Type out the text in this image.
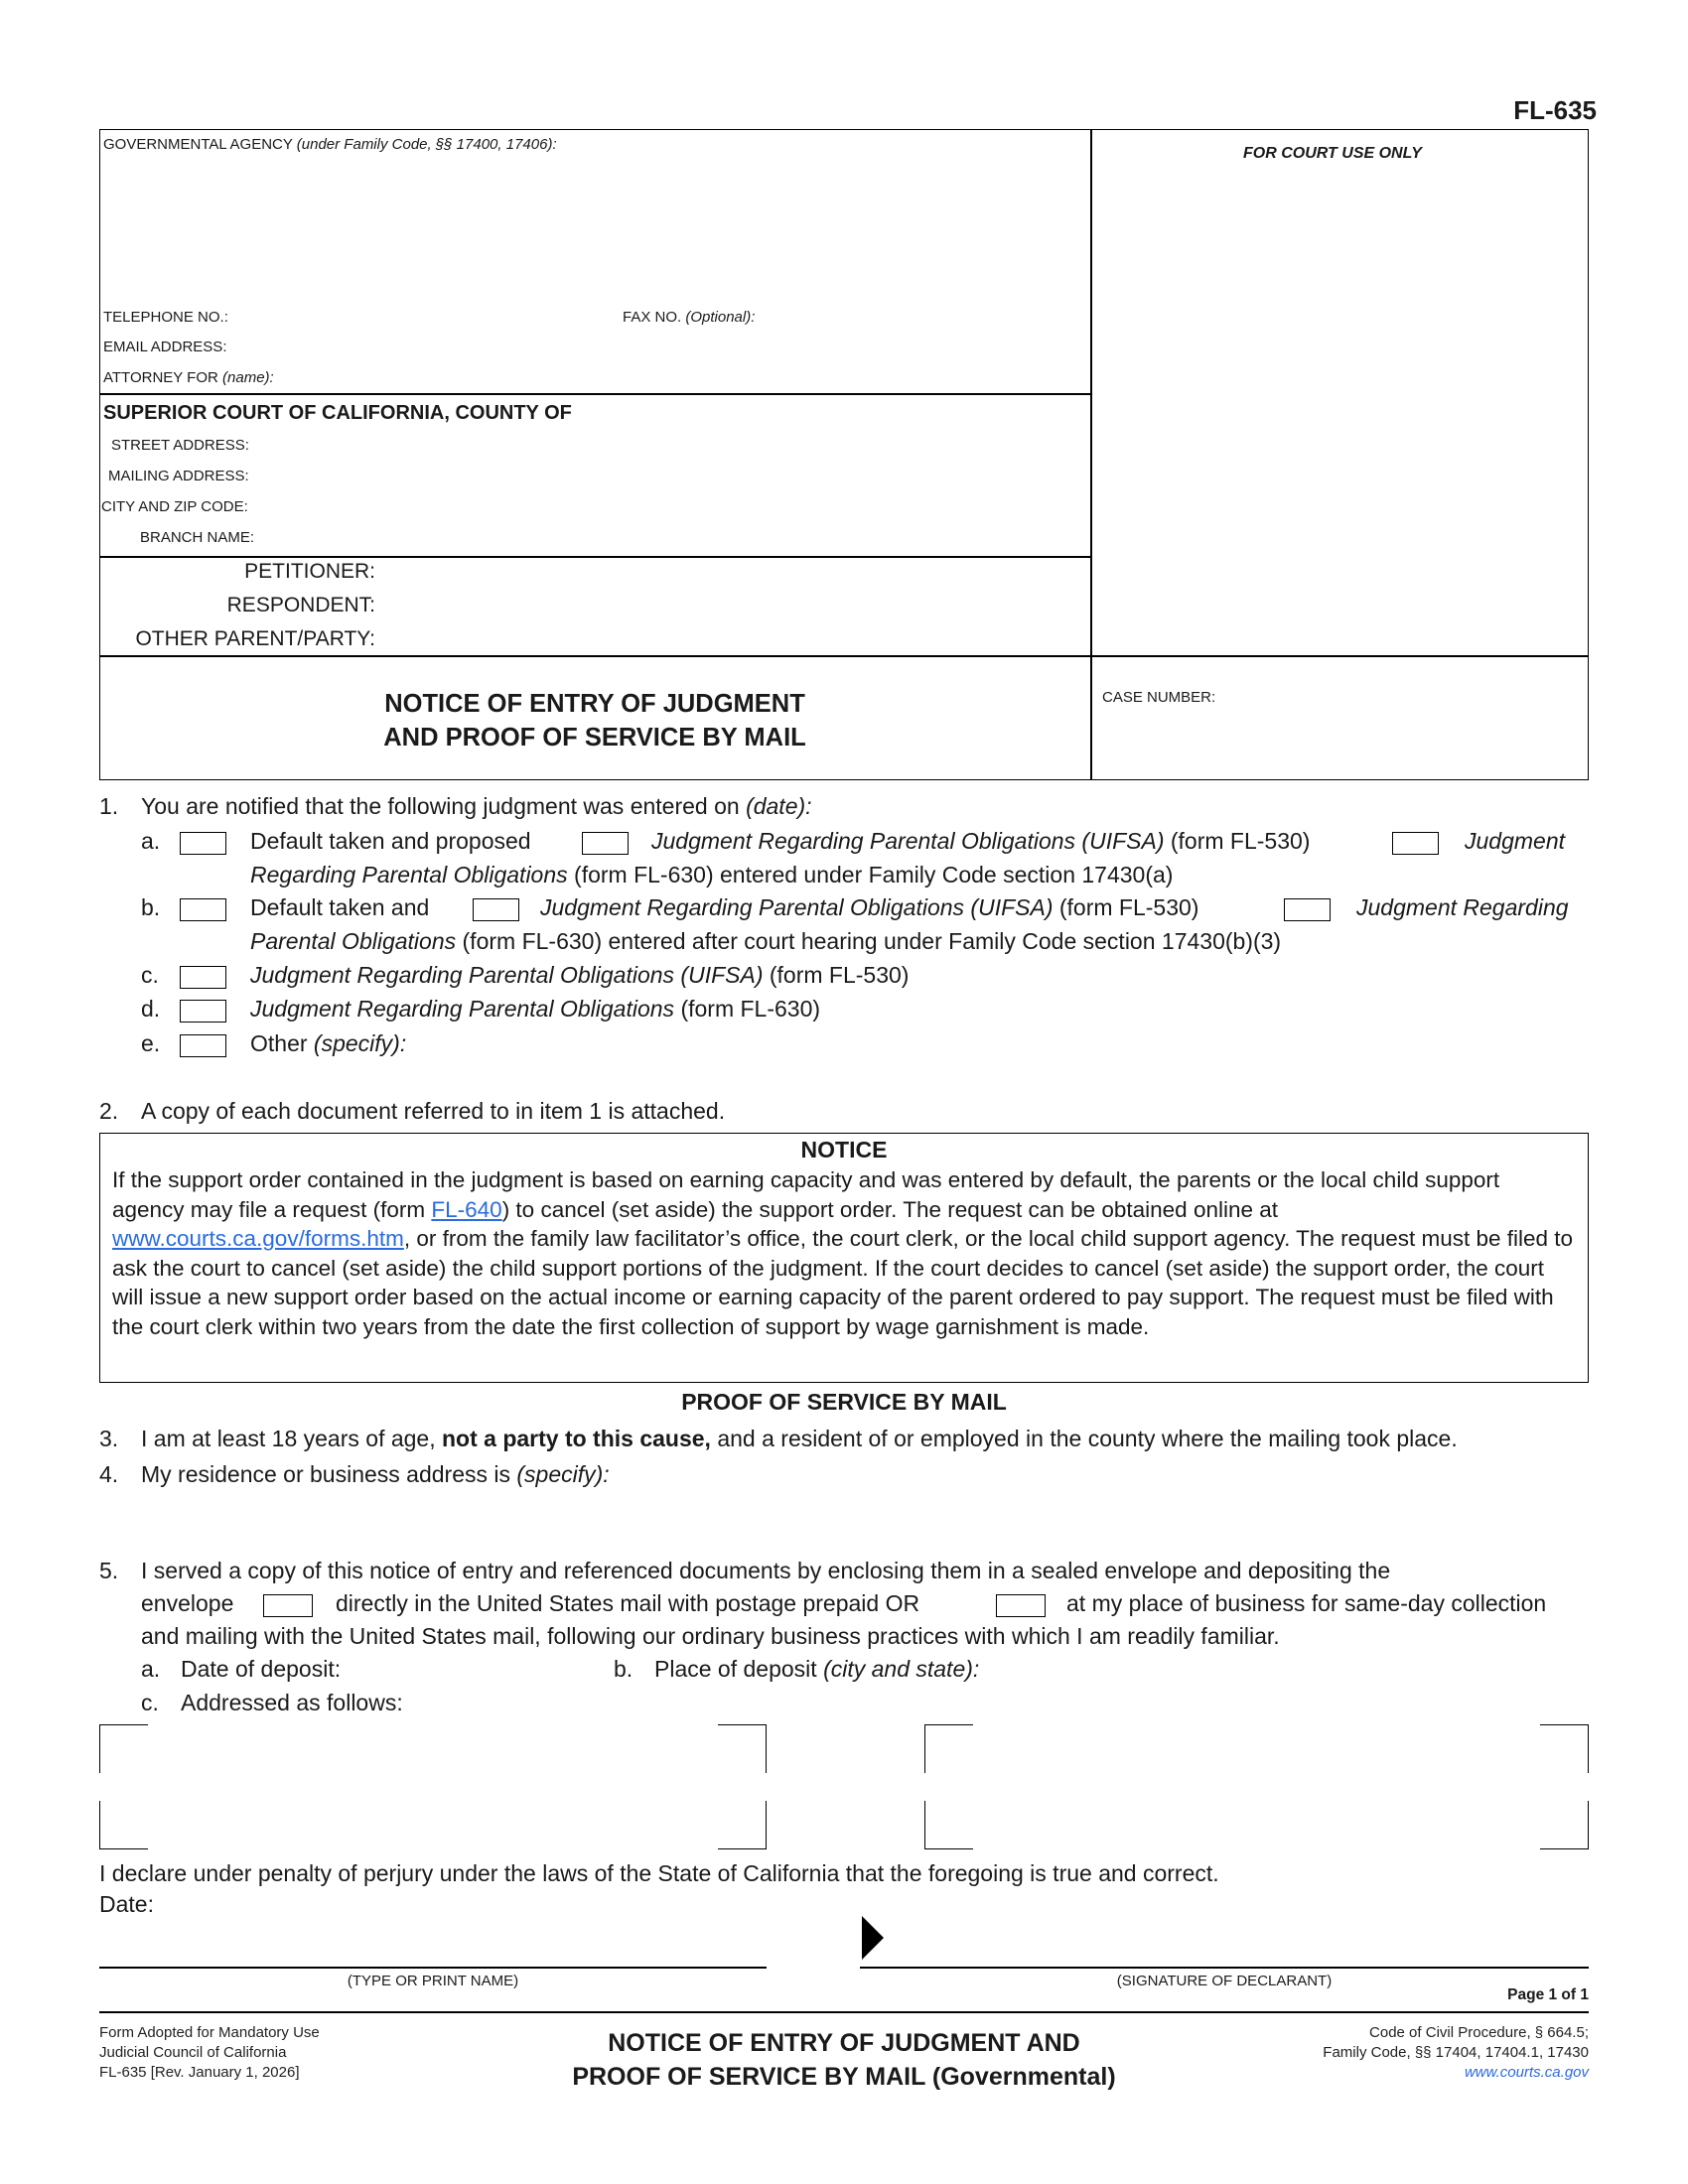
FL-635
FOR COURT USE ONLY
GOVERNMENTAL AGENCY (under Family Code, §§ 17400, 17406):
TELEPHONE NO.:	FAX NO. (Optional):
EMAIL ADDRESS:
ATTORNEY FOR (name):
SUPERIOR COURT OF CALIFORNIA, COUNTY OF
STREET ADDRESS:
MAILING ADDRESS:
CITY AND ZIP CODE:
BRANCH NAME:
PETITIONER:
RESPONDENT:
OTHER PARENT/PARTY:
NOTICE OF ENTRY OF JUDGMENT
AND PROOF OF SERVICE BY MAIL
CASE NUMBER:
1. You are notified that the following judgment was entered on (date):
a.	Default taken and proposed	Judgment Regarding Parental Obligations (UIFSA) (form FL-530)	Judgment
Regarding Parental Obligations (form FL-630) entered under Family Code section 17430(a)
b.	Default taken and	Judgment Regarding Parental Obligations (UIFSA) (form FL-530)	Judgment Regarding
Parental Obligations (form FL-630) entered after court hearing under Family Code section 17430(b)(3)
c.	Judgment Regarding Parental Obligations (UIFSA) (form FL-530)
d.	Judgment Regarding Parental Obligations (form FL-630)
e.	Other (specify):
2. A copy of each document referred to in item 1 is attached.
NOTICE
If the support order contained in the judgment is based on earning capacity and was entered by default, the parents or the local child support agency may file a request (form FL-640) to cancel (set aside) the support order. The request can be obtained online at www.courts.ca.gov/forms.htm, or from the family law facilitator’s office, the court clerk, or the local child support agency. The request must be filed to ask the court to cancel (set aside) the child support portions of the judgment. If the court decides to cancel (set aside) the support order, the court will issue a new support order based on the actual income or earning capacity of the parent ordered to pay support. The request must be filed with the court clerk within two years from the date the first collection of support by wage garnishment is made.
PROOF OF SERVICE BY MAIL
3. I am at least 18 years of age, not a party to this cause, and a resident of or employed in the county where the mailing took place.
4. My residence or business address is (specify):
5. I served a copy of this notice of entry and referenced documents by enclosing them in a sealed envelope and depositing the
envelope	directly in the United States mail with postage prepaid OR	at my place of business for same-day collection
and mailing with the United States mail, following our ordinary business practices with which I am readily familiar.
a. Date of deposit:	b. Place of deposit (city and state):
c. Addressed as follows:
I declare under penalty of perjury under the laws of the State of California that the foregoing is true and correct.
Date:
(TYPE OR PRINT NAME)	(SIGNATURE OF DECLARANT)
Page 1 of 1
Form Adopted for Mandatory Use
Judicial Council of California
FL-635 [Rev. January 1, 2026]
NOTICE OF ENTRY OF JUDGMENT AND
PROOF OF SERVICE BY MAIL (Governmental)
Code of Civil Procedure, § 664.5;
Family Code, §§ 17404, 17404.1, 17430
www.courts.ca.gov
